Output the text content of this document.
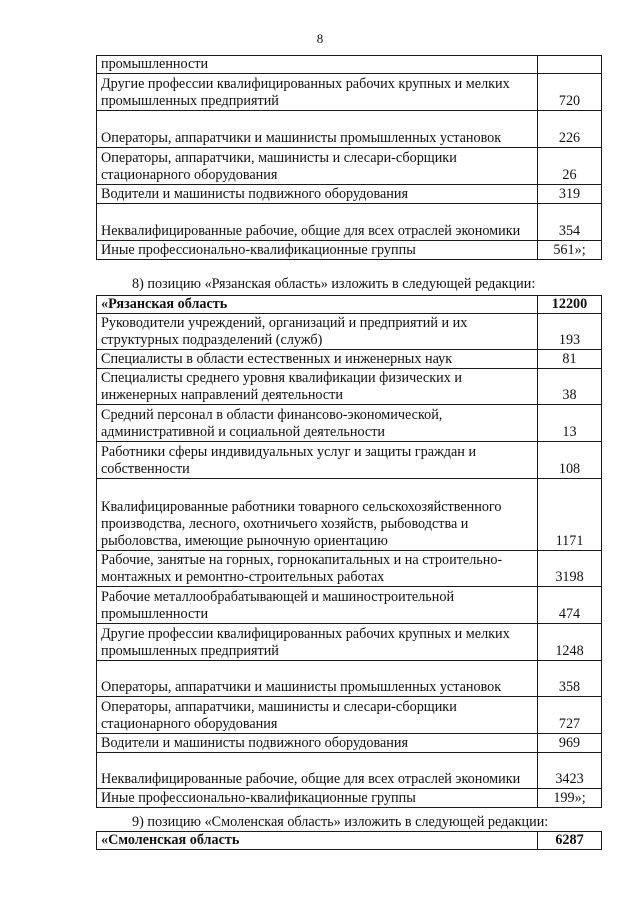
8
промышленности	
Другие профессии квалифицированных рабочих крупных и мелких промышленных предприятий	720
Операторы, аппаратчики и машинисты промышленных установок	226
Операторы, аппаратчики, машинисты и слесари-сборщики стационарного оборудования	26
Водители и машинисты подвижного оборудования	319
Неквалифицированные рабочие, общие для всех отраслей экономики	354
Иные профессионально-квалификационные группы	561»;
8) позицию «Рязанская область» изложить в следующей редакции:
«Рязанская область	12200
Руководители учреждений, организаций и предприятий и их структурных подразделений (служб)	193
Специалисты в области естественных и инженерных наук	81
Специалисты среднего уровня квалификации физических и инженерных направлений деятельности	38
Средний персонал в области финансово-экономической, административной и социальной деятельности	13
Работники сферы индивидуальных услуг и защиты граждан и собственности	108
Квалифицированные работники товарного сельскохозяйственного производства, лесного, охотничьего хозяйств, рыбоводства и рыболовства, имеющие рыночную ориентацию	1171
Рабочие, занятые на горных, горнокапитальных и на строительно-монтажных и ремонтно-строительных работах	3198
Рабочие металлообрабатывающей и машиностроительной промышленности	474
Другие профессии квалифицированных рабочих крупных и мелких промышленных предприятий	1248
Операторы, аппаратчики и машинисты промышленных установок	358
Операторы, аппаратчики, машинисты и слесари-сборщики стационарного оборудования	727
Водители и машинисты подвижного оборудования	969
Неквалифицированные рабочие, общие для всех отраслей экономики	3423
Иные профессионально-квалификационные группы	199»;
9) позицию «Смоленская область» изложить в следующей редакции:
«Смоленская область	6287
